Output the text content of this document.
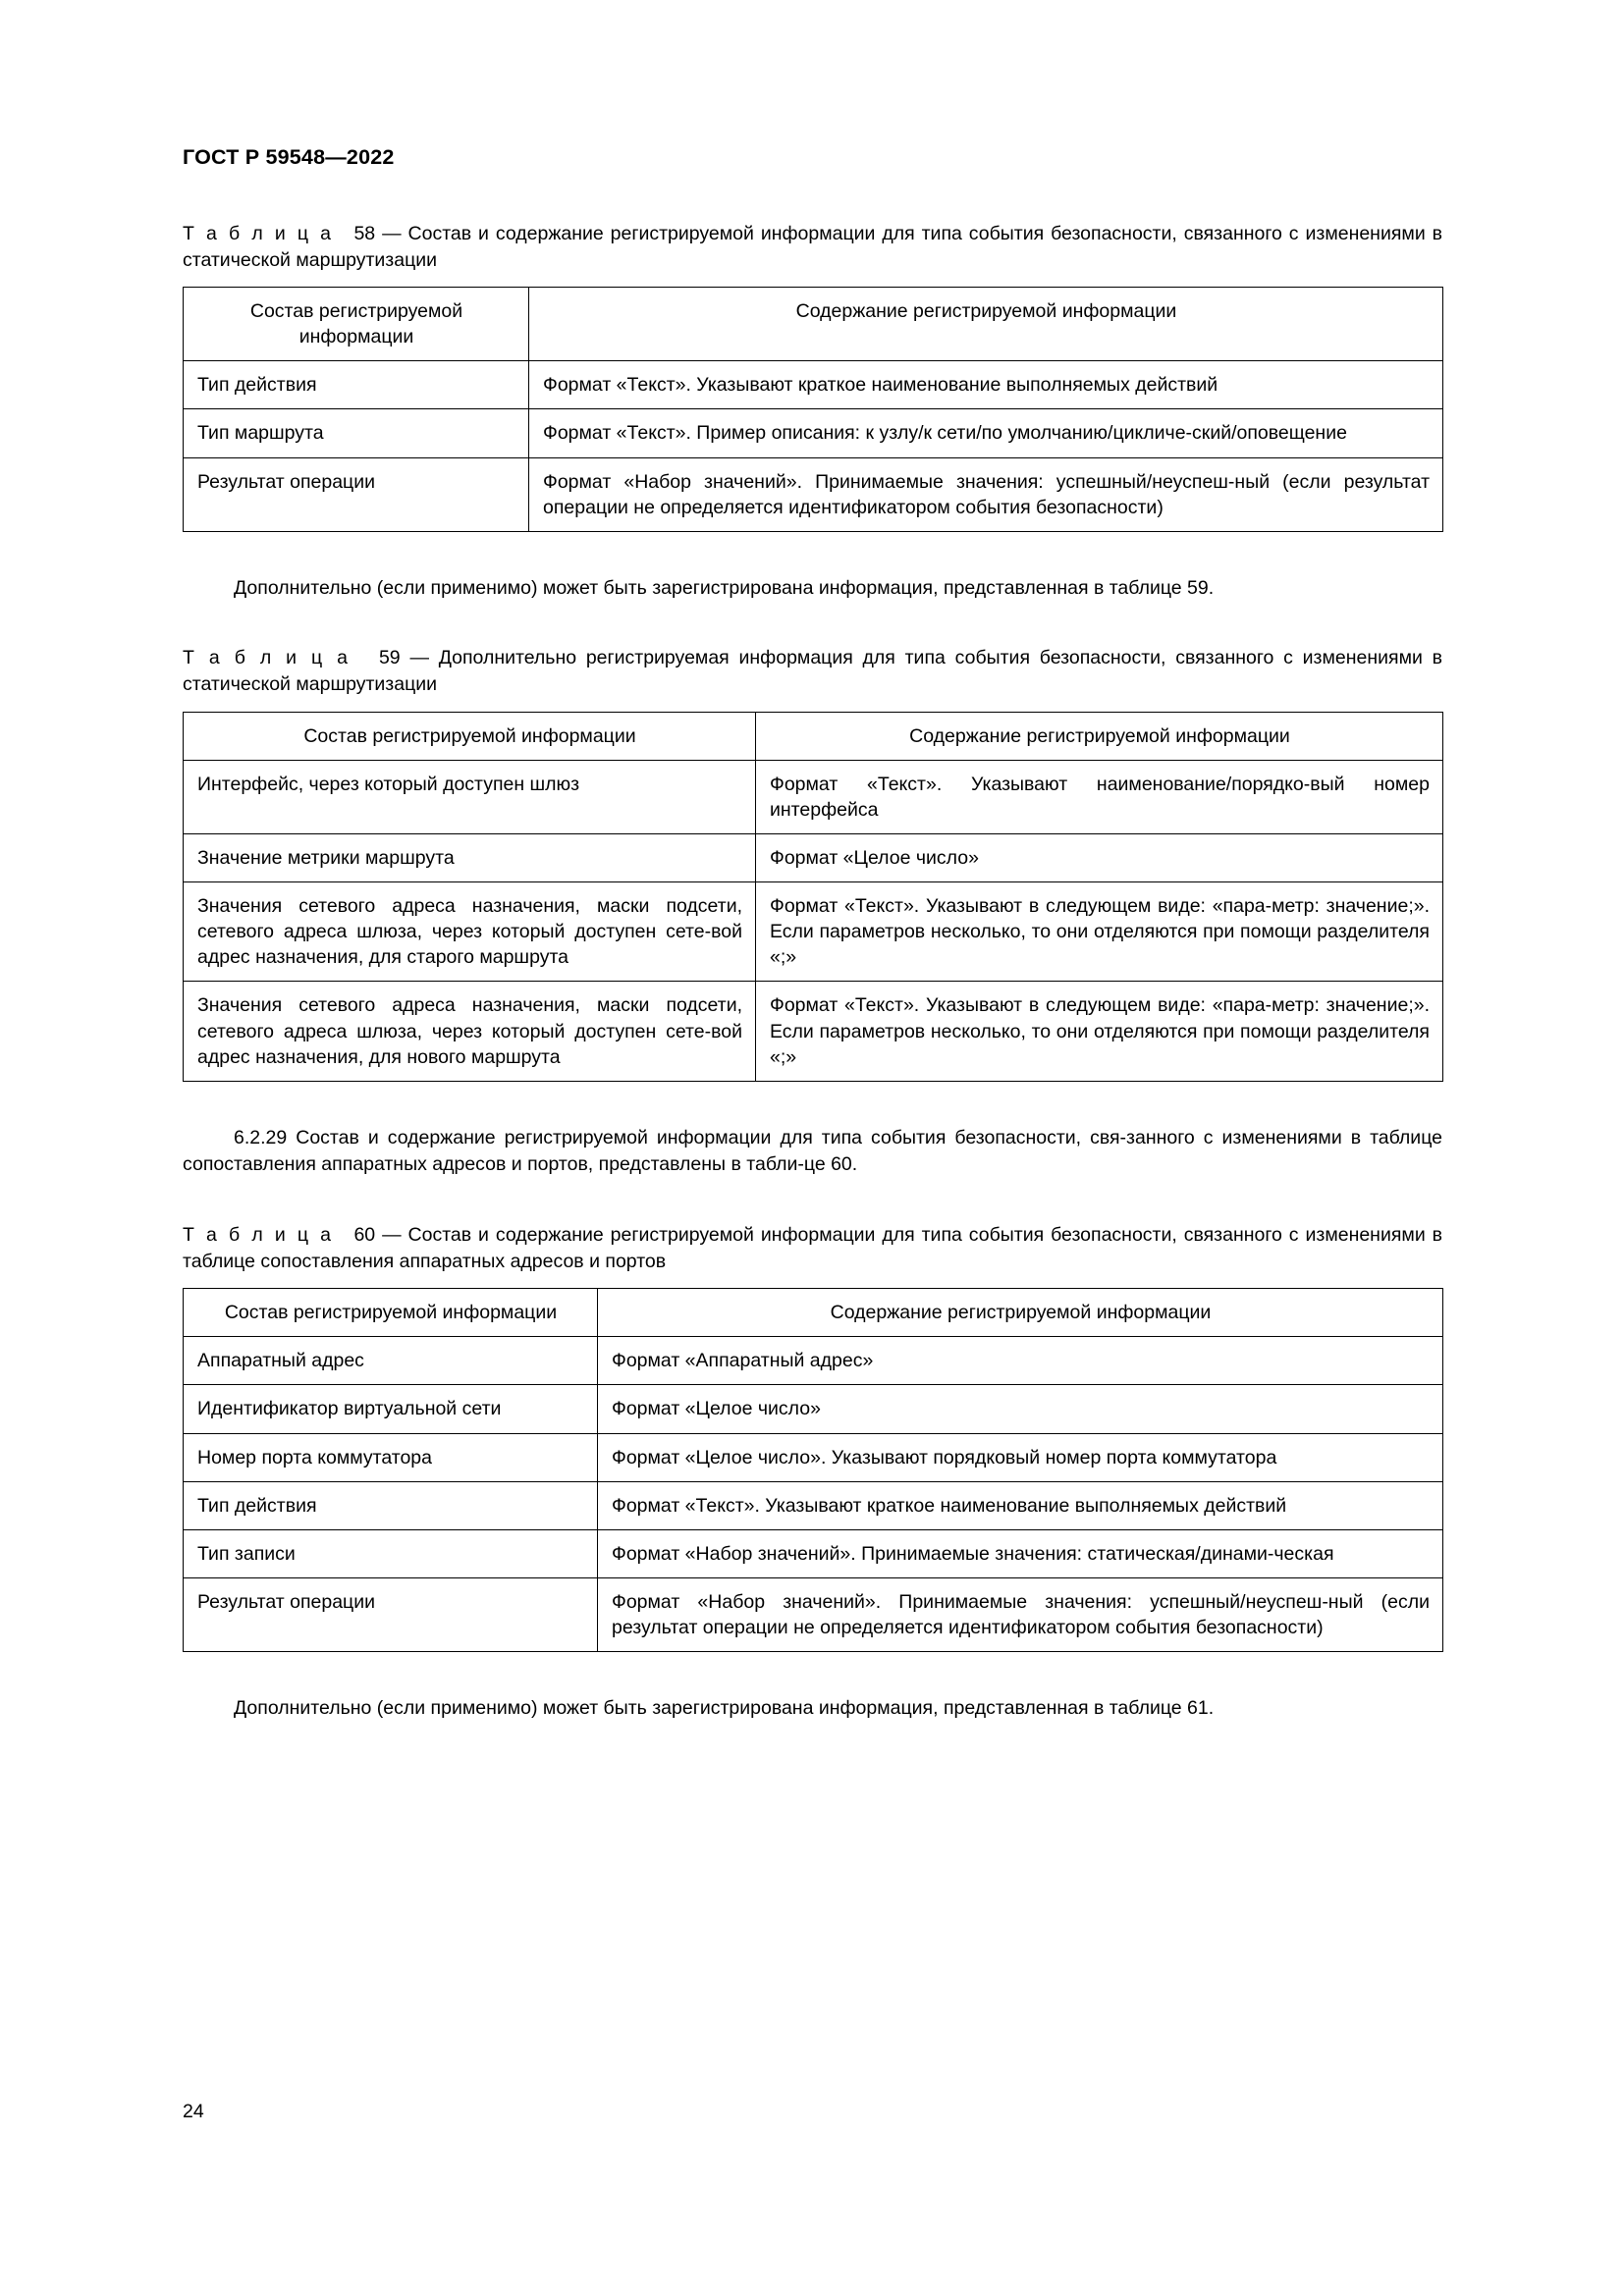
ГОСТ Р 59548—2022
Т а б л и ц а 58 — Состав и содержание регистрируемой информации для типа события безопасности, связанного с изменениями в статической маршрутизации
Состав регистрируемой информации	Содержание регистрируемой информации
Тип действия	Формат «Текст». Указывают краткое наименование выполняемых действий
Тип маршрута	Формат «Текст». Пример описания: к узлу/к сети/по умолчанию/цикличе-ский/оповещение
Результат операции	Формат «Набор значений». Принимаемые значения: успешный/неуспеш-ный (если результат операции не определяется идентификатором события безопасности)

Дополнительно (если применимо) может быть зарегистрирована информация, представленная в таблице 59.

Т а б л и ц а 59 — Дополнительно регистрируемая информация для типа события безопасности, связанного с изменениями в статической маршрутизации
Состав регистрируемой информации	Содержание регистрируемой информации
Интерфейс, через который доступен шлюз	Формат «Текст». Указывают наименование/порядко-вый номер интерфейса
Значение метрики маршрута	Формат «Целое число»
Значения сетевого адреса назначения, маски подсети, сетевого адреса шлюза, через который доступен сете-вой адрес назначения, для старого маршрута	Формат «Текст». Указывают в следующем виде: «пара-метр: значение;». Если параметров несколько, то они отделяются при помощи разделителя «;»
Значения сетевого адреса назначения, маски подсети, сетевого адреса шлюза, через который доступен сете-вой адрес назначения, для нового маршрута	Формат «Текст». Указывают в следующем виде: «пара-метр: значение;». Если параметров несколько, то они отделяются при помощи разделителя «;»

6.2.29 Состав и содержание регистрируемой информации для типа события безопасности, свя-занного с изменениями в таблице сопоставления аппаратных адресов и портов, представлены в табли-це 60.

Т а б л и ц а 60 — Состав и содержание регистрируемой информации для типа события безопасности, связанного с изменениями в таблице сопоставления аппаратных адресов и портов
Состав регистрируемой информации	Содержание регистрируемой информации
Аппаратный адрес	Формат «Аппаратный адрес»
Идентификатор виртуальной сети	Формат «Целое число»
Номер порта коммутатора	Формат «Целое число». Указывают порядковый номер порта коммутатора
Тип действия	Формат «Текст». Указывают краткое наименование выполняемых действий
Тип записи	Формат «Набор значений». Принимаемые значения: статическая/динами-ческая
Результат операции	Формат «Набор значений». Принимаемые значения: успешный/неуспеш-ный (если результат операции не определяется идентификатором события безопасности)

Дополнительно (если применимо) может быть зарегистрирована информация, представленная в таблице 61.

24
